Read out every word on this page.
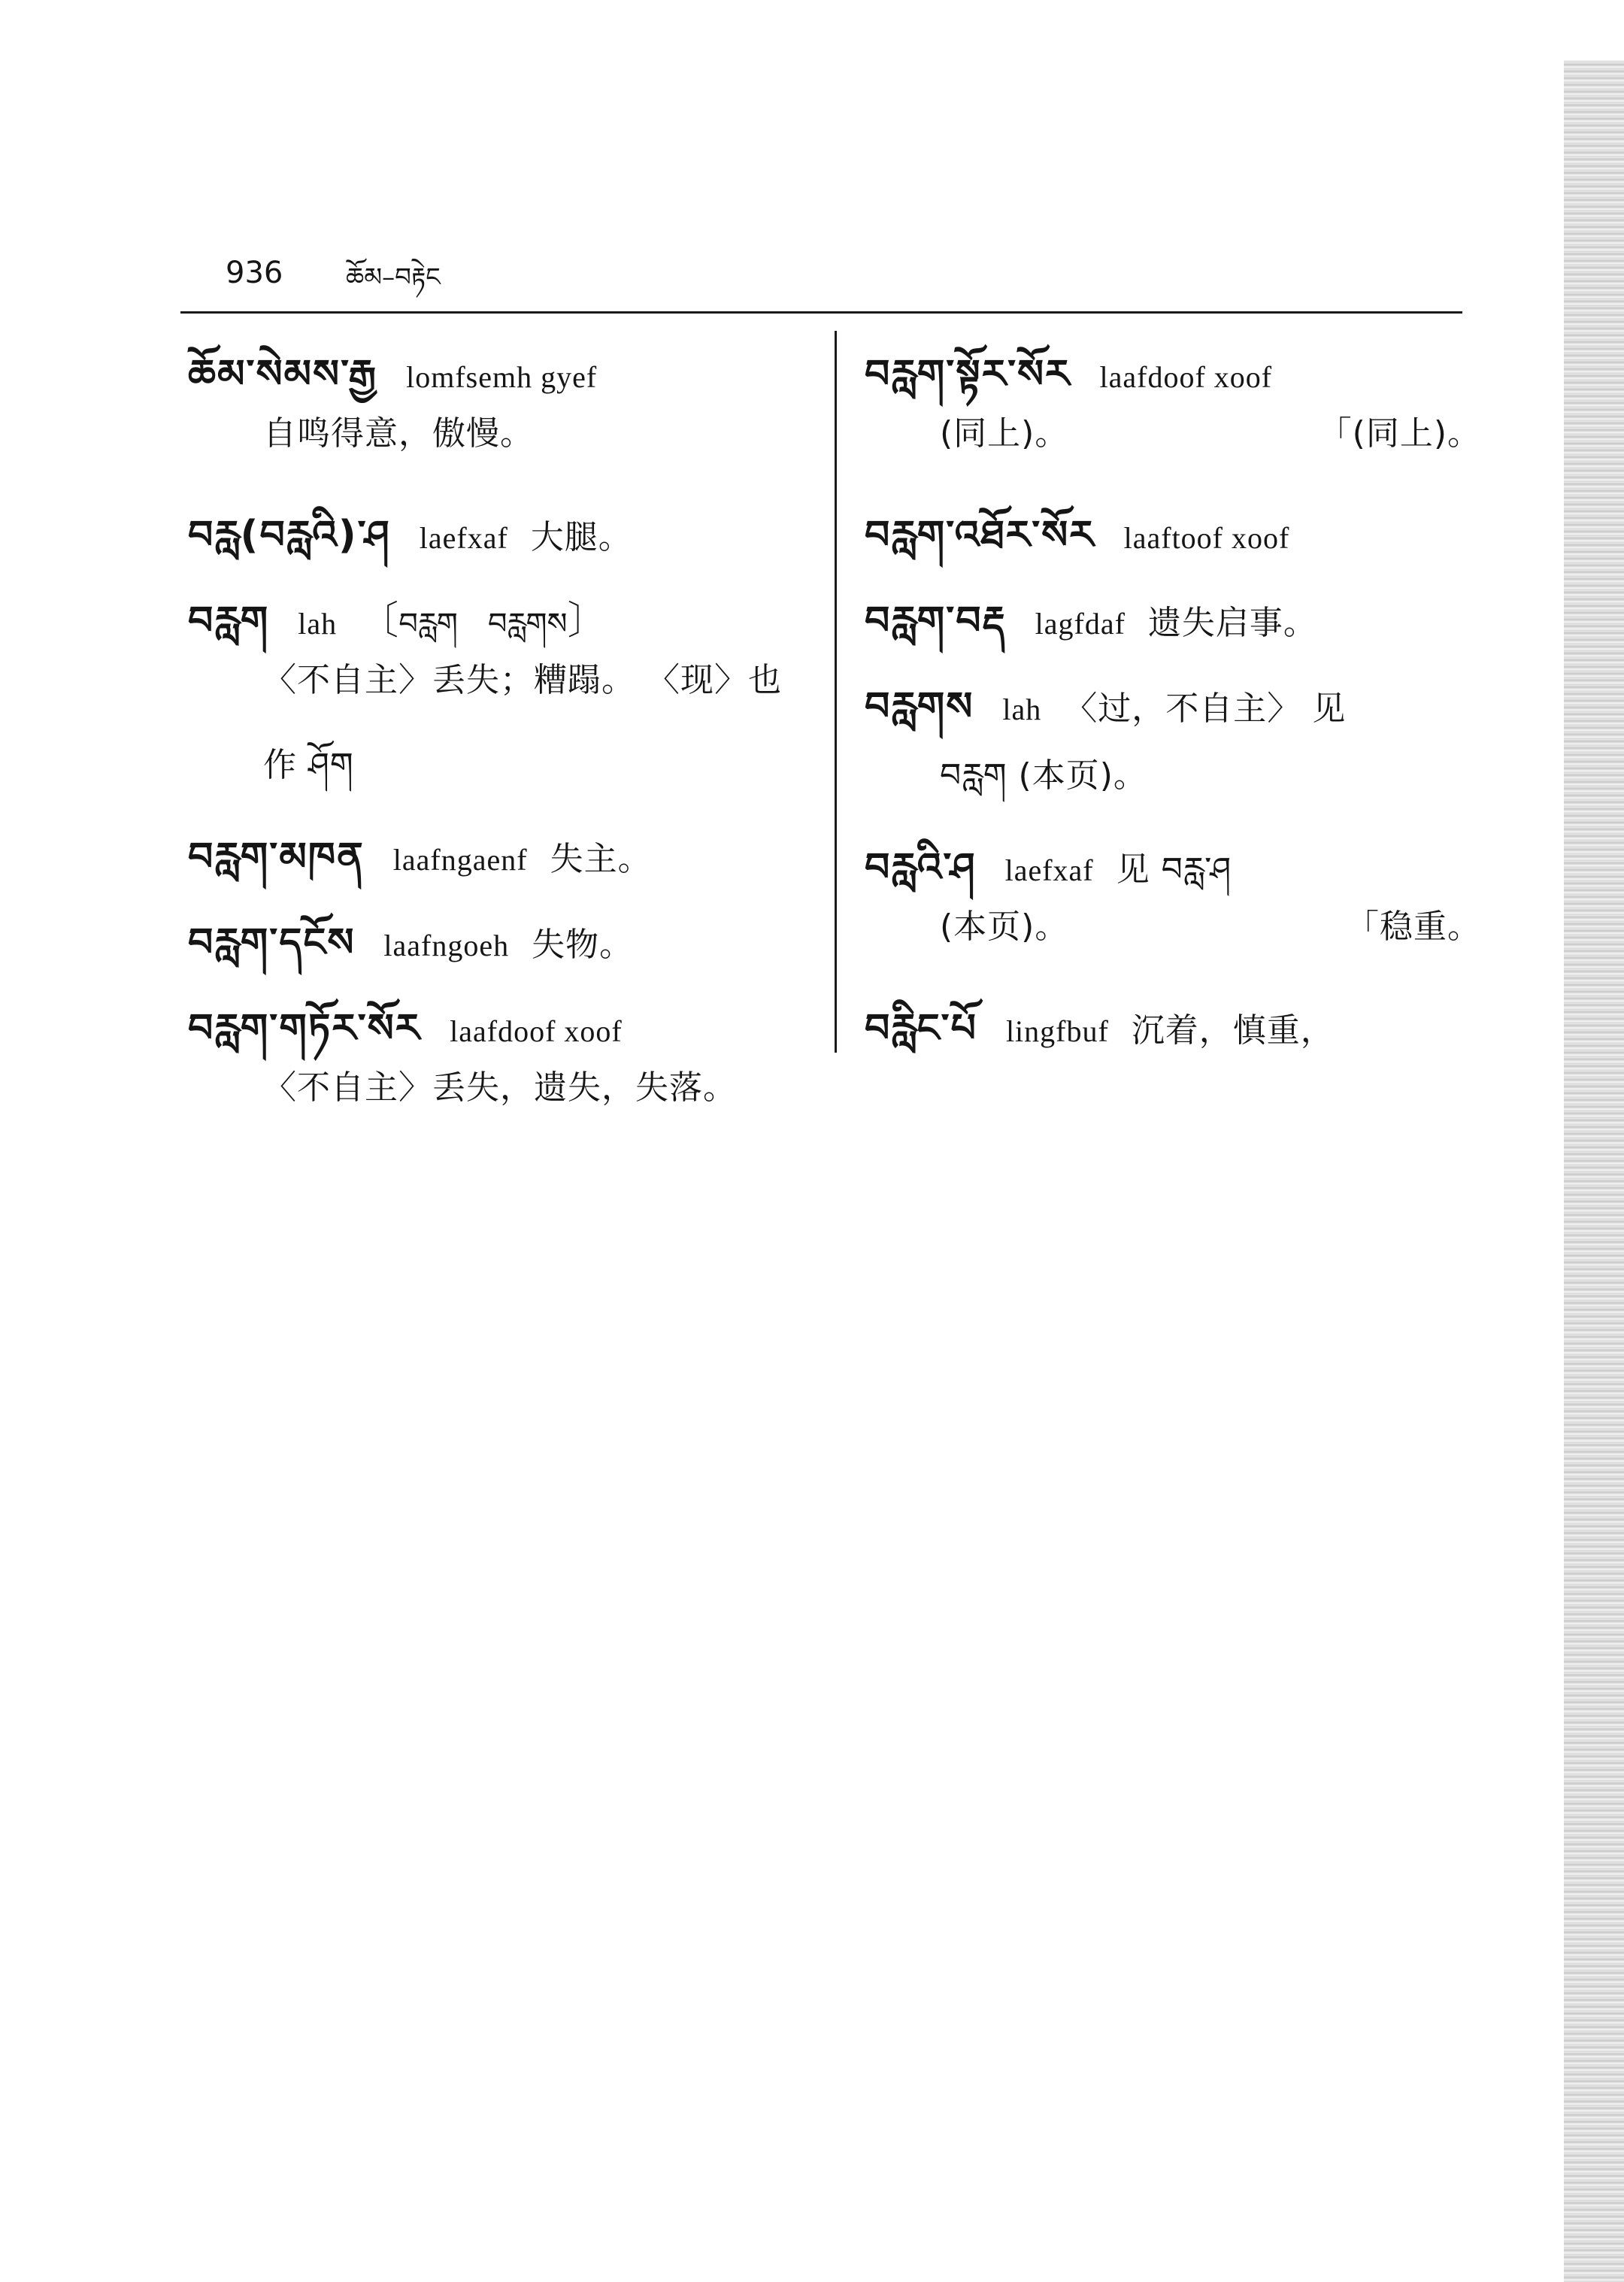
936 ཆོམ–བརྟེང
ཆོམ་སེམས་རྒྱ lomfsemh gyef
自鸣得意，傲慢。
བརླ(བརླའི)་ཤ laefxaf 大腿。
བརླག lah 〔 བརླག བརླགས 〕
〈不自主〉丢失；糟蹋。 〈现〉也
作 ཤོག
བརླག་མཁན laafngaenf 失主。
བརླག་དངོས laafngoeh 失物。
བརླག་གཏོར་སོར laafdoof xoof
〈不自主〉丢失，遗失，失落。
བརླག་སྟོར་སོར laafdoof xoof
(同上)。	「(同上)。
བརླག་འཐོར་སོར laaftoof xoof
བརླག་བརྡ lagfdaf 遗失启事。
བརླགས lah 〈过，不自主〉 见
བརླག (本页)。
བརླའི་ཤ laefxaf 见 བརླ་ཤ
(本页)。	「稳重。
བརླིང་པོ lingfbuf 沉着，慎重，
